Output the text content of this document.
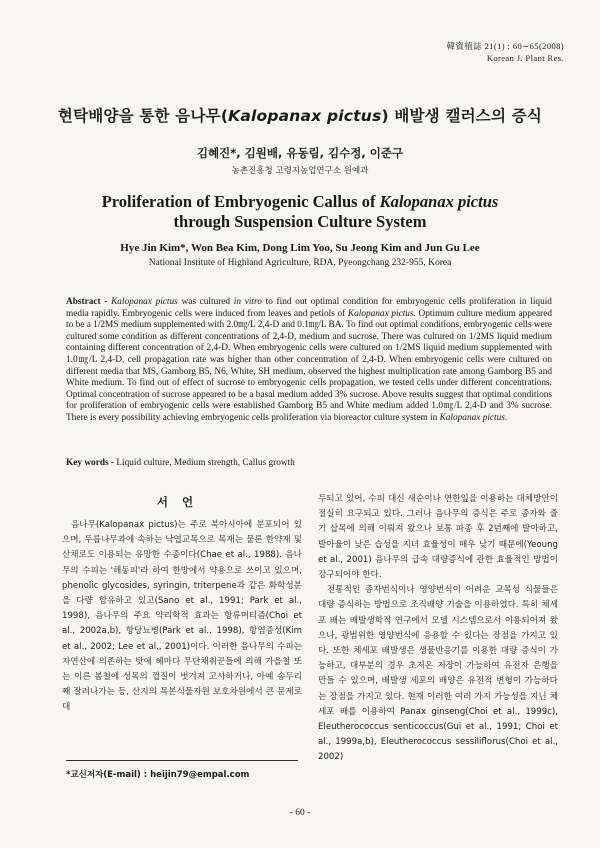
韓資植誌 21(1) : 60∼65(2008)
Korean J. Plant Res.
현탁배양을 통한 음나무(Kalopanax pictus) 배발생 캘러스의 증식
김혜진*, 김원배, 유동림, 김수정, 이준구
농촌진흥청 고령지농업연구소 원예과
Proliferation of Embryogenic Callus of Kalopanax pictus
through Suspension Culture System
Hye Jin Kim*, Won Bea Kim, Dong Lim Yoo, Su Jeong Kim and Jun Gu Lee
National Institute of Highland Agriculture, RDA, Pyeongchang 232-955, Korea
Abstract - Kalopanax pictus was cultured in vitro to find out optimal condition for embryogenic cells proliferation in liquid media rapidly. Embryogenic cells were induced from leaves and petiols of Kalopanax pictus. Optimum culture medium appeared to be a 1/2MS medium supplemented with 2.0㎎/L 2,4-D and 0.1㎎/L BA. To find out optimal conditions, embryogenic cells were cultured some condition as different concentrations of 2,4-D, medium and sucrose. There was cultured on 1/2MS liquid medium containing different concentration of 2,4-D. When embryogenic cells were cultured on 1/2MS liquid medium supplemented with 1.0㎎/L 2,4-D, cell propagation rate was higher than other concentration of 2,4-D. When embryogenic cells were cultured on different media that MS, Gamborg B5, N6, White, SH medium, observed the highest multiplication rate among Gamborg B5 and White medium. To find out of effect of sucrose to embryogenic cells propagation, we tested cells under different concentrations. Optimal concentration of sucrose appeared to be a basal medium added 3% sucrose. Above results suggest that optimal conditions for proliferation of embryogenic cells were established Gamborg B5 and White medium added 1.0㎎/L 2,4-D and 3% sucrose. There is every possibility achieving embryogenic cells proliferation via bioreactor culture system in Kalopanax pictus.
Key words - Liquid culture, Medium strength, Callus growth
서언

음나무(Kalopanax pictus)는 주로 북아시아에 분포되어 있으며, 두릅나무과에 속하는 낙엽교목으로 목재는 물론 한약재 및 산채로도 이용되는 유망한 수종이다(Chae et al., 1988). 음나무의 수피는 '해동피'라 하여 한방에서 약용으로 쓰이고 있으며, phenolic glycosides, syringin, triterpene과 같은 화학성분을 다량 함유하고 있고(Sano et al., 1991; Park et al., 1998), 음나무의 주요 약리학적 효과는 항류머티즘(Choi et al., 2002a,b), 항당뇨병(Park et al., 1998), 항염증성(Kim et al., 2002; Lee et al., 2001)이다. 이러한 음나무의 수피는 자연산에 의존하는 탓에 헤마다 무단채취꾼들에 의해 가을철 또는 이른 봄철에 성목의 껍질이 벗겨져 고사하거나, 아예 송두리째 잘려나가는 등, 산지의 목본식물자원 보호차원에서 큰 문제로 대

두되고 있어, 수피 대신 새순이나 연한잎을 이용하는 대체방안이 절실히 요구되고 있다. 그러나 음나무의 증식은 주로 종자와 줄기 삽목에 의해 이뤄져 왔으나 보통 파종 후 2년째에 발아하고, 발아율이 낮은 습성을 지녀 효율성이 매우 낮기 때문에(Yeoung et al., 2001) 음나무의 급속 대량증식에 관한 효율적인 방법이 강구되어야 한다.

전통적인 종자번식이나 영양번식이 어려운 교목성 식물들은 대량 증식하는 방법으로 조직배양 기술을 이용하였다. 특히 체세포 배는 배발생학적 연구에서 모델 시스템으로서 이용되어져 왔으나, 광범위한 영양번식에 응용할 수 있다는 장점을 가지고 있다. 또한 체세포 배발생은 생물반응기를 이용한 대량 증식이 가능하고, 대부분의 경우 초저온 저장이 가능하여 유전자 은행을 만들 수 있으며, 배발생 세포의 배양은 유전적 변형이 가능하다는 장점을 가지고 있다. 현재 이러한 여러 가지 가능성을 지닌 체세포 배를 이용하여 Panax ginseng(Choi et al., 1999c), Eleutherococcus senticoccus(Gui et al., 1991; Choi et al., 1999a,b), Eleutherococcus sessiliflorus(Choi et al., 2002)

*교신저자(E-mail) : heijin79@empal.com
- 60 -
